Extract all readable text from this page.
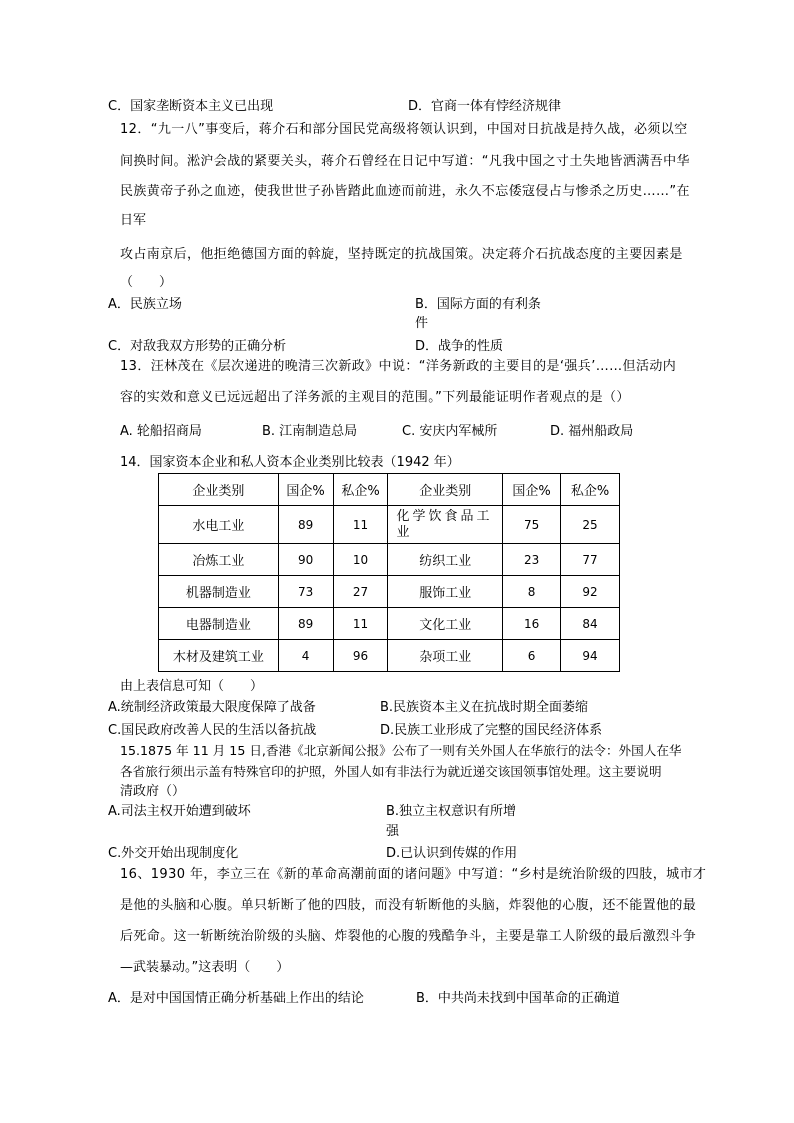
C．国家垄断资本主义已出现	D．官商一体有悖经济规律
12．“九一八”事变后，蒋介石和部分国民党高级将领认识到，中国对日抗战是持久战，必须以空
间换时间。淞沪会战的紧要关头，蒋介石曾经在日记中写道：“凡我中国之寸土失地皆洒满吾中华
民族黄帝子孙之血迹，使我世世子孙皆踏此血迹而前进，永久不忘倭寇侵占与惨杀之历史……”在
日军
攻占南京后，他拒绝德国方面的斡旋，坚持既定的抗战国策。决定蒋介石抗战态度的主要因素是
（　　）
A．民族立场	B．国际方面的有利条
件
C．对敌我双方形势的正确分析	D．战争的性质
13．汪林茂在《层次递进的晚清三次新政》中说：“洋务新政的主要目的是‘强兵’……但活动内
容的实效和意义已远远超出了洋务派的主观目的范围。”下列最能证明作者观点的是（）
A. 轮船招商局	B. 江南制造总局	C. 安庆内军械所	D. 福州船政局
14．国家资本企业和私人资本企业类别比较表（1942 年）
企业类别	国企%	私企%	企业类别	国企%	私企%
水电工业	89	11	化学饮食品工业	75	25
冶炼工业	90	10	纺织工业	23	77
机器制造业	73	27	服饰工业	8	92
电器制造业	89	11	文化工业	16	84
木材及建筑工业	4	96	杂项工业	6	94
由上表信息可知（　　）
A.统制经济政策最大限度保障了战备	B.民族资本主义在抗战时期全面萎缩
C.国民政府改善人民的生活以备抗战	D.民族工业形成了完整的国民经济体系
15.1875 年 11 月 15 日,香港《北京新闻公报》公布了一则有关外国人在华旅行的法令：外国人在华
各省旅行须出示盖有特殊官印的护照，外国人如有非法行为就近递交该国领事馆处理。这主要说明
清政府（）
A.司法主权开始遭到破坏	B.独立主权意识有所增
强
C.外交开始出现制度化	D.已认识到传媒的作用
16、1930 年，李立三在《新的革命高潮前面的诸问题》中写道：“乡村是统治阶级的四肢，城市才
是他的头脑和心腹。单只斩断了他的四肢，而没有斩断他的头脑，炸裂他的心腹，还不能置他的最
后死命。这一斩断统治阶级的头脑、炸裂他的心腹的残酷争斗，主要是靠工人阶级的最后激烈斗争
—武装暴动。”这表明（　　）
A．是对中国国情正确分析基础上作出的结论	B．中共尚未找到中国革命的正确道
